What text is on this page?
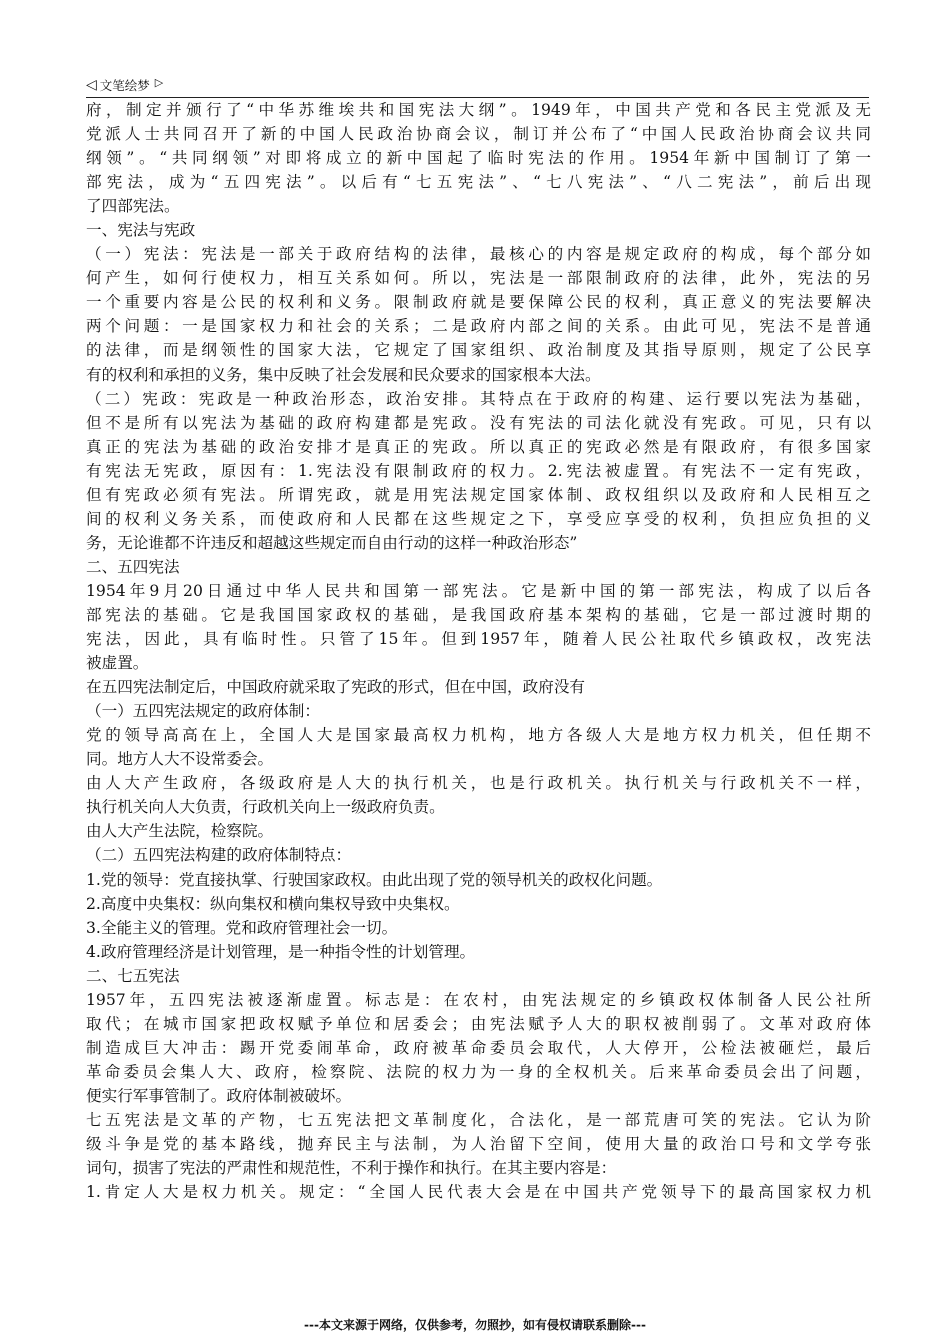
◁ 文笔绘梦 ▷
府，制定并颁行了“中华苏维埃共和国宪法大纲”。1949年，中国共产党和各民主党派及无
党派人士共同召开了新的中国人民政治协商会议，制订并公布了“中国人民政治协商会议共同
纲领”。“共同纲领”对即将成立的新中国起了临时宪法的作用。1954年新中国制订了第一
部宪法，成为“五四宪法”。以后有“七五宪法”、“七八宪法”、“八二宪法”，前后出现
了四部宪法。
一、宪法与宪政
（一）宪法：宪法是一部关于政府结构的法律，最核心的内容是规定政府的构成，每个部分如
何产生，如何行使权力，相互关系如何。所以，宪法是一部限制政府的法律，此外，宪法的另
一个重要内容是公民的权利和义务。限制政府就是要保障公民的权利，真正意义的宪法要解决
两个问题：一是国家权力和社会的关系；二是政府内部之间的关系。由此可见，宪法不是普通
的法律，而是纲领性的国家大法，它规定了国家组织、政治制度及其指导原则，规定了公民享
有的权利和承担的义务，集中反映了社会发展和民众要求的国家根本大法。
（二）宪政：宪政是一种政治形态，政治安排。其特点在于政府的构建、运行要以宪法为基础，
但不是所有以宪法为基础的政府构建都是宪政。没有宪法的司法化就没有宪政。可见，只有以
真正的宪法为基础的政治安排才是真正的宪政。所以真正的宪政必然是有限政府，有很多国家
有宪法无宪政，原因有：1.宪法没有限制政府的权力。2.宪法被虚置。有宪法不一定有宪政，
但有宪政必须有宪法。所谓宪政，就是用宪法规定国家体制、政权组织以及政府和人民相互之
间的权利义务关系，而使政府和人民都在这些规定之下，享受应享受的权利，负担应负担的义
务，无论谁都不许违反和超越这些规定而自由行动的这样一种政治形态”
二、五四宪法
1954年9月20日通过中华人民共和国第一部宪法。它是新中国的第一部宪法，构成了以后各
部宪法的基础。它是我国国家政权的基础，是我国政府基本架构的基础，它是一部过渡时期的
宪法，因此，具有临时性。只管了15年。但到1957年，随着人民公社取代乡镇政权，改宪法
被虚置。
在五四宪法制定后，中国政府就采取了宪政的形式，但在中国，政府没有
（一）五四宪法规定的政府体制：
党的领导高高在上，全国人大是国家最高权力机构，地方各级人大是地方权力机关，但任期不
同。地方人大不设常委会。
由人大产生政府，各级政府是人大的执行机关，也是行政机关。执行机关与行政机关不一样，
执行机关向人大负责，行政机关向上一级政府负责。
由人大产生法院，检察院。
（二）五四宪法构建的政府体制特点：
1.党的领导：党直接执掌、行驶国家政权。由此出现了党的领导机关的政权化问题。
2.高度中央集权：纵向集权和横向集权导致中央集权。
3.全能主义的管理。党和政府管理社会一切。
4.政府管理经济是计划管理，是一种指令性的计划管理。
二、七五宪法
1957年，五四宪法被逐渐虚置。标志是：在农村，由宪法规定的乡镇政权体制备人民公社所
取代；在城市国家把政权赋予单位和居委会；由宪法赋予人大的职权被削弱了。文革对政府体
制造成巨大冲击：踢开党委闹革命，政府被革命委员会取代，人大停开，公检法被砸烂，最后
革命委员会集人大、政府，检察院、法院的权力为一身的全权机关。后来革命委员会出了问题，
便实行军事管制了。政府体制被破坏。
七五宪法是文革的产物，七五宪法把文革制度化，合法化，是一部荒唐可笑的宪法。它认为阶
级斗争是党的基本路线，抛弃民主与法制，为人治留下空间，使用大量的政治口号和文学夸张
词句，损害了宪法的严肃性和规范性，不利于操作和执行。在其主要内容是：
1.肯定人大是权力机关。规定：“全国人民代表大会是在中国共产党领导下的最高国家权力机
---本文来源于网络，仅供参考，勿照抄，如有侵权请联系删除---
